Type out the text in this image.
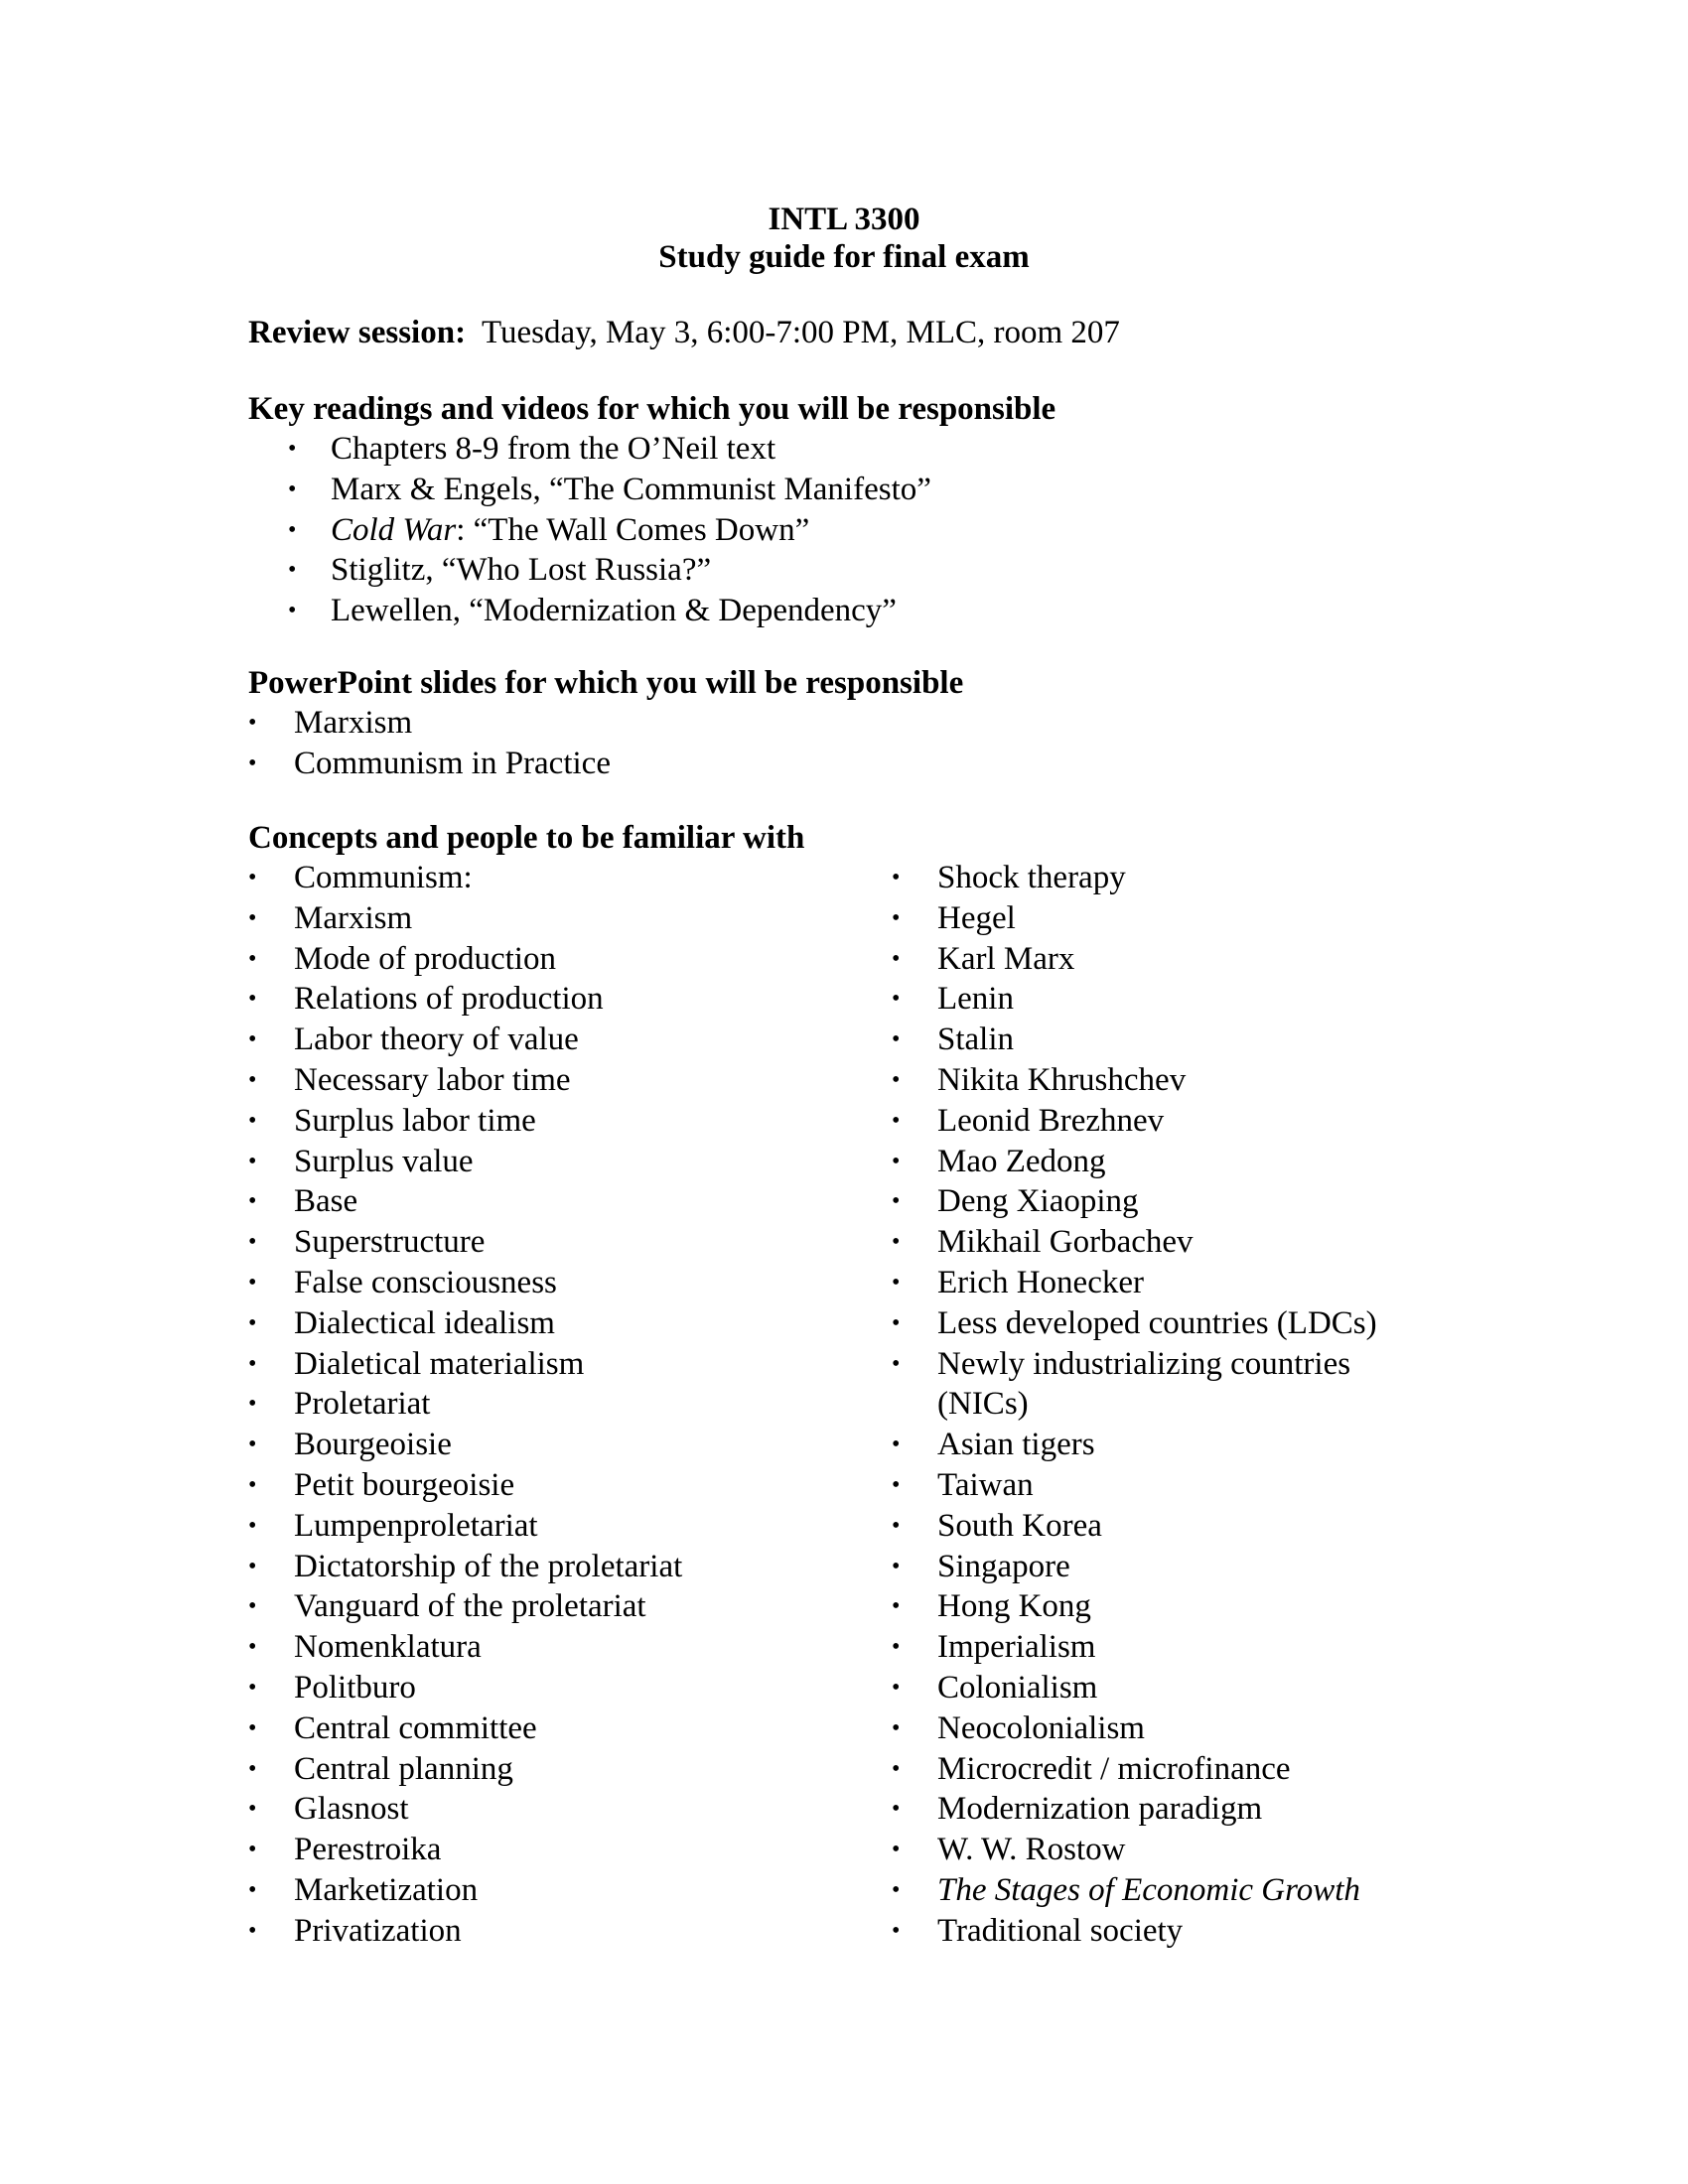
INTL 3300
Study guide for final exam
Review session: Tuesday, May 3, 6:00-7:00 PM, MLC, room 207
Key readings and videos for which you will be responsible
• Chapters 8-9 from the O’Neil text
• Marx & Engels, “The Communist Manifesto”
• Cold War: “The Wall Comes Down”
• Stiglitz, “Who Lost Russia?”
• Lewellen, “Modernization & Dependency”
PowerPoint slides for which you will be responsible
• Marxism
• Communism in Practice
Concepts and people to be familiar with
• Communism:
• Marxism
• Mode of production
• Relations of production
• Labor theory of value
• Necessary labor time
• Surplus labor time
• Surplus value
• Base
• Superstructure
• False consciousness
• Dialectical idealism
• Dialetical materialism
• Proletariat
• Bourgeoisie
• Petit bourgeoisie
• Lumpenproletariat
• Dictatorship of the proletariat
• Vanguard of the proletariat
• Nomenklatura
• Politburo
• Central committee
• Central planning
• Glasnost
• Perestroika
• Marketization
• Privatization
• Shock therapy
• Hegel
• Karl Marx
• Lenin
• Stalin
• Nikita Khrushchev
• Leonid Brezhnev
• Mao Zedong
• Deng Xiaoping
• Mikhail Gorbachev
• Erich Honecker
• Less developed countries (LDCs)
• Newly industrializing countries
(NICs)
• Asian tigers
• Taiwan
• South Korea
• Singapore
• Hong Kong
• Imperialism
• Colonialism
• Neocolonialism
• Microcredit / microfinance
• Modernization paradigm
• W. W. Rostow
• The Stages of Economic Growth
• Traditional society
